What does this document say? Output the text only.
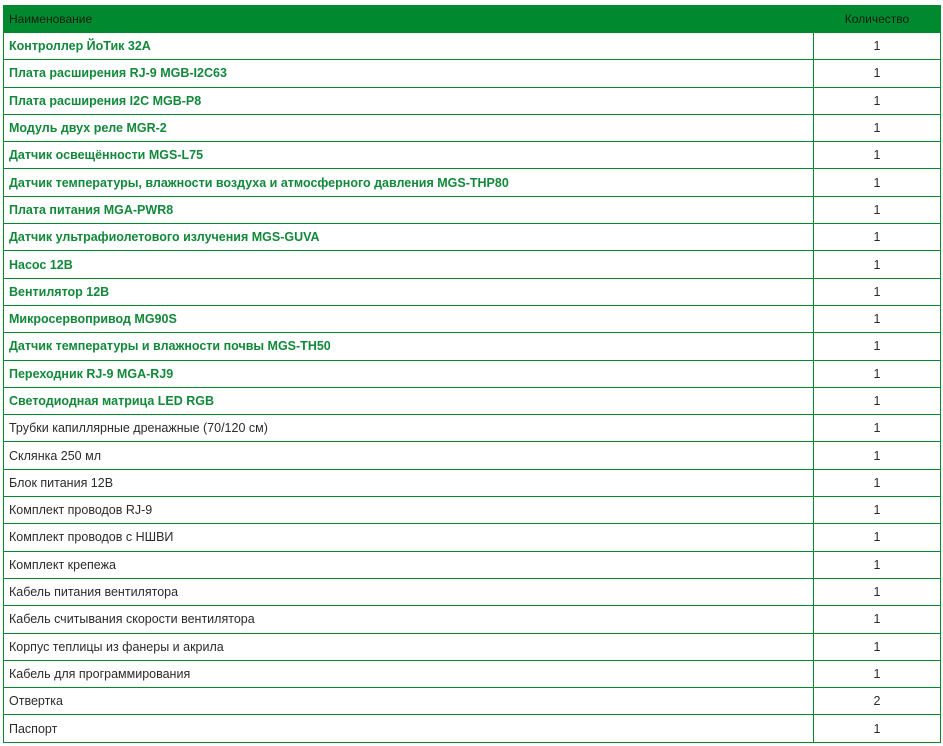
Наименование	Количество
Контроллер ЙоТик 32А	1
Плата расширения RJ-9 MGB-I2C63	1
Плата расширения I2C MGB-P8	1
Модуль двух реле MGR-2	1
Датчик освещённости MGS-L75	1
Датчик температуры, влажности воздуха и атмосферного давления MGS-THP80	1
Плата питания MGA-PWR8	1
Датчик ультрафиолетового излучения MGS-GUVA	1
Насос 12В	1
Вентилятор 12В	1
Микросервопривод MG90S	1
Датчик температуры и влажности почвы MGS-TH50	1
Переходник RJ-9 MGA-RJ9	1
Светодиодная матрица LED RGB	1
Трубки капиллярные дренажные (70/120 см)	1
Склянка 250 мл	1
Блок питания 12В	1
Комплект проводов RJ-9	1
Комплект проводов с НШВИ	1
Комплект крепежа	1
Кабель питания вентилятора	1
Кабель считывания скорости вентилятора	1
Корпус теплицы из фанеры и акрила	1
Кабель для программирования	1
Отвертка	2
Паспорт	1
